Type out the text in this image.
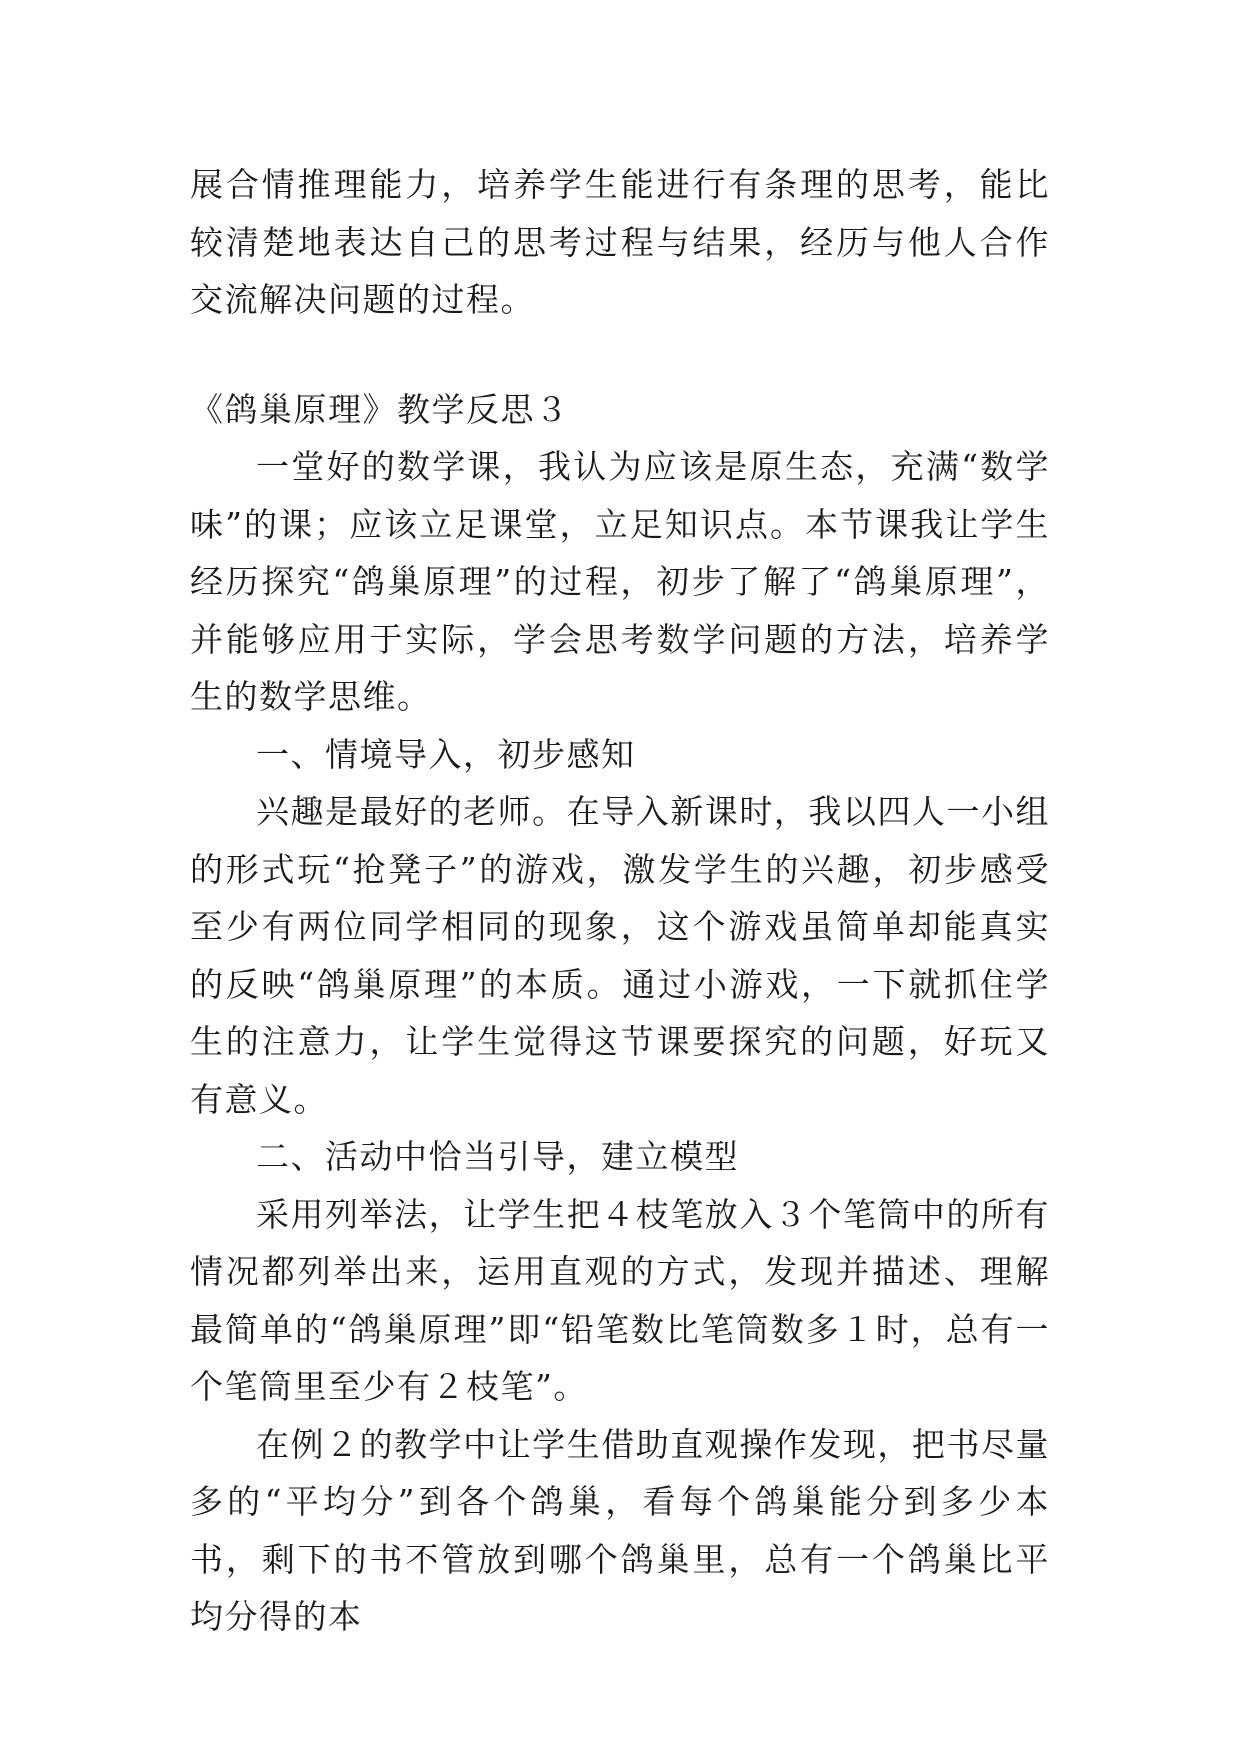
展合情推理能力，培养学生能进行有条理的思考，能比较清楚地表达自己的思考过程与结果，经历与他人合作交流解决问题的过程。

《鸽巢原理》教学反思３

一堂好的数学课，我认为应该是原生态，充满“数学味”的课；应该立足课堂，立足知识点。本节课我让学生经历探究“鸽巢原理”的过程，初步了解了“鸽巢原理”，并能够应用于实际，学会思考数学问题的方法，培养学生的数学思维。

一、情境导入，初步感知

兴趣是最好的老师。在导入新课时，我以四人一小组的形式玩“抢凳子”的游戏，激发学生的兴趣，初步感受至少有两位同学相同的现象，这个游戏虽简单却能真实的反映“鸽巢原理”的本质。通过小游戏，一下就抓住学生的注意力，让学生觉得这节课要探究的问题，好玩又有意义。

二、活动中恰当引导，建立模型

采用列举法，让学生把４枝笔放入３个笔筒中的所有情况都列举出来，运用直观的方式，发现并描述、理解最简单的“鸽巢原理”即“铅笔数比笔筒数多１时，总有一个笔筒里至少有２枝笔”。

在例２的教学中让学生借助直观操作发现，把书尽量多的“平均分”到各个鸽巢，看每个鸽巢能分到多少本书，剩下的书不管放到哪个鸽巢里，总有一个鸽巢比平均分得的本
